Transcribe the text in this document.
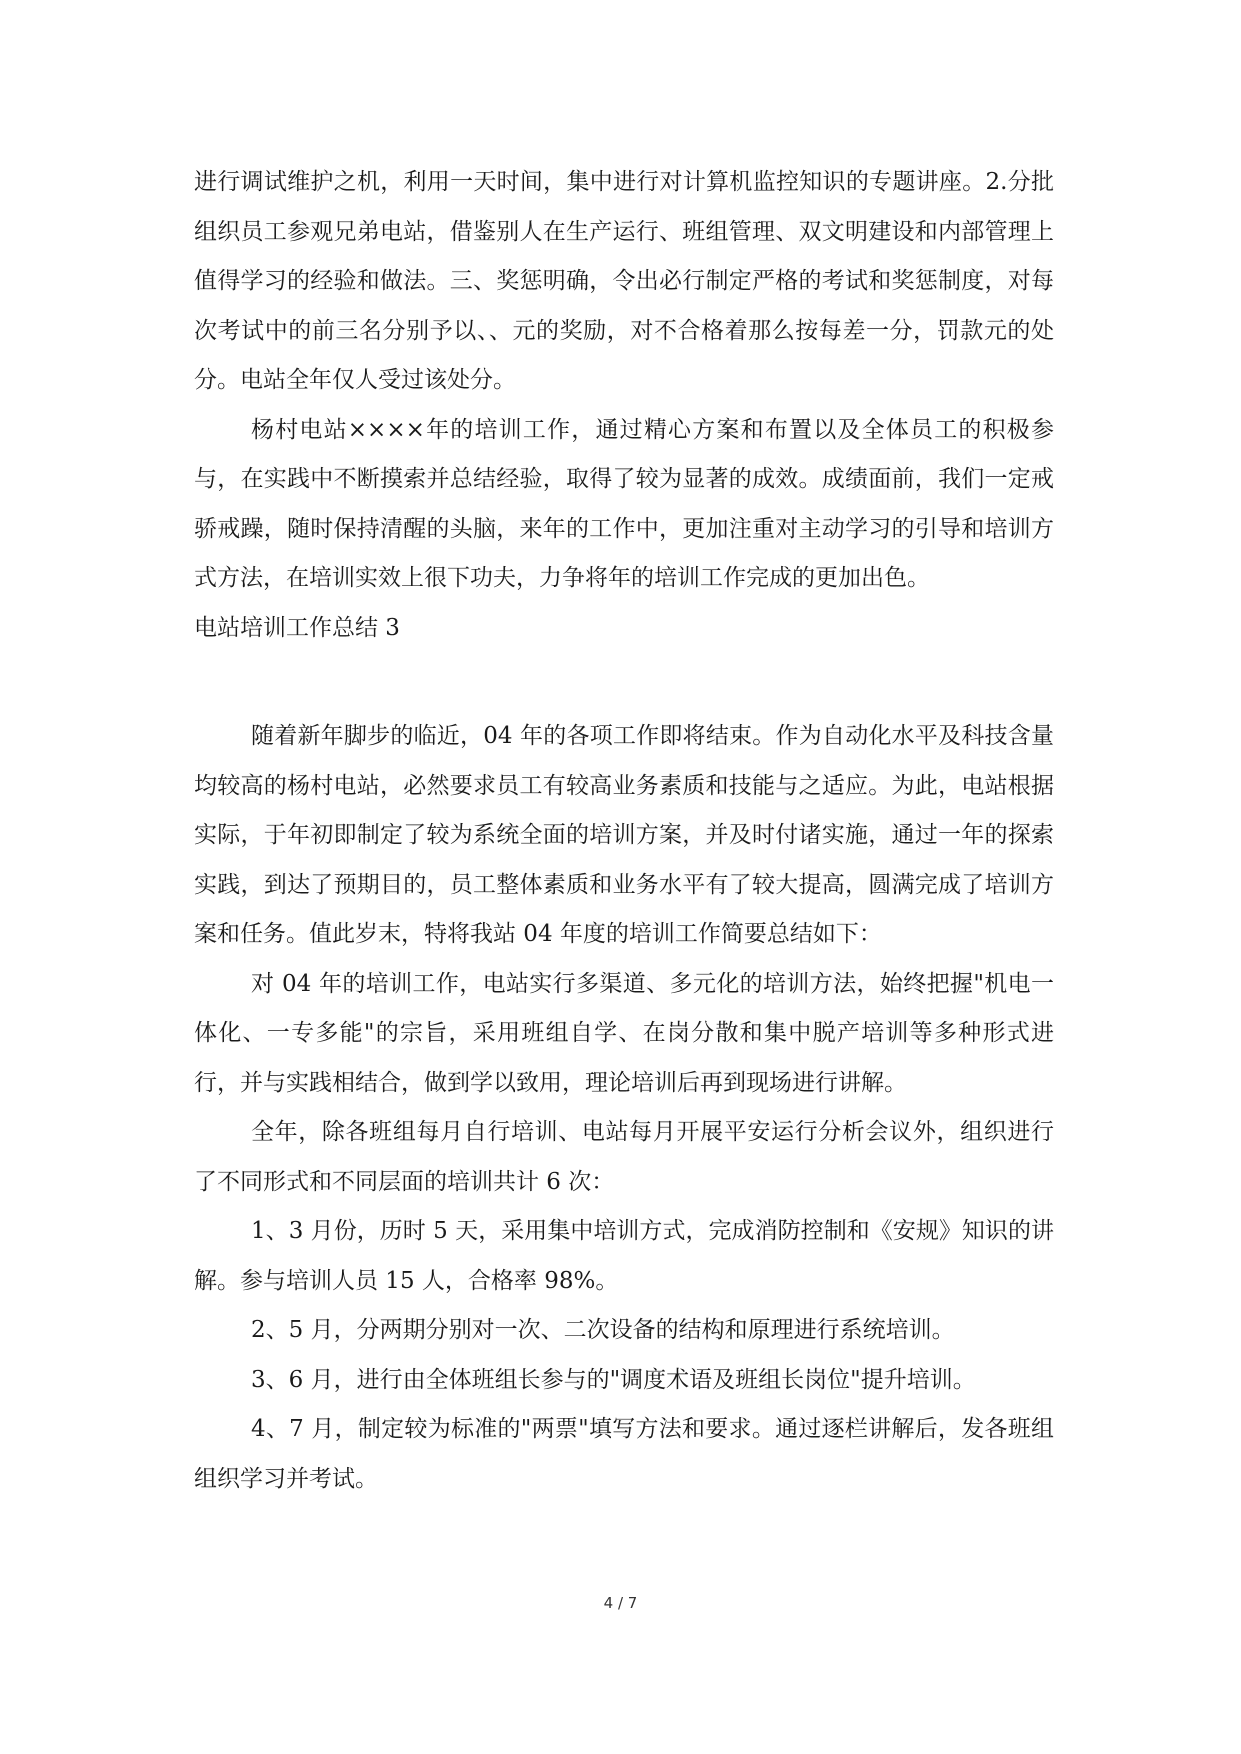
进行调试维护之机，利用一天时间，集中进行对计算机监控知识的专题讲座。2.分批组织员工参观兄弟电站，借鉴别人在生产运行、班组管理、双文明建设和内部管理上值得学习的经验和做法。三、奖惩明确，令出必行制定严格的考试和奖惩制度，对每次考试中的前三名分别予以、、元的奖励，对不合格着那么按每差一分，罚款元的处分。电站全年仅人受过该处分。

杨村电站××××年的培训工作，通过精心方案和布置以及全体员工的积极参与，在实践中不断摸索并总结经验，取得了较为显著的成效。成绩面前，我们一定戒骄戒躁，随时保持清醒的头脑，来年的工作中，更加注重对主动学习的引导和培训方式方法，在培训实效上很下功夫，力争将年的培训工作完成的更加出色。

电站培训工作总结 3

随着新年脚步的临近，04 年的各项工作即将结束。作为自动化水平及科技含量均较高的杨村电站，必然要求员工有较高业务素质和技能与之适应。为此，电站根据实际，于年初即制定了较为系统全面的培训方案，并及时付诸实施，通过一年的探索实践，到达了预期目的，员工整体素质和业务水平有了较大提高，圆满完成了培训方案和任务。值此岁末，特将我站 04 年度的培训工作简要总结如下：

对 04 年的培训工作，电站实行多渠道、多元化的培训方法，始终把握"机电一体化、一专多能"的宗旨，采用班组自学、在岗分散和集中脱产培训等多种形式进行，并与实践相结合，做到学以致用，理论培训后再到现场进行讲解。

全年，除各班组每月自行培训、电站每月开展平安运行分析会议外，组织进行了不同形式和不同层面的培训共计 6 次：

1、3 月份，历时 5 天，采用集中培训方式，完成消防控制和《安规》知识的讲解。参与培训人员 15 人，合格率 98%。

2、5 月，分两期分别对一次、二次设备的结构和原理进行系统培训。

3、6 月，进行由全体班组长参与的"调度术语及班组长岗位"提升培训。

4、7 月，制定较为标准的"两票"填写方法和要求。通过逐栏讲解后，发各班组组织学习并考试。

4 / 7
